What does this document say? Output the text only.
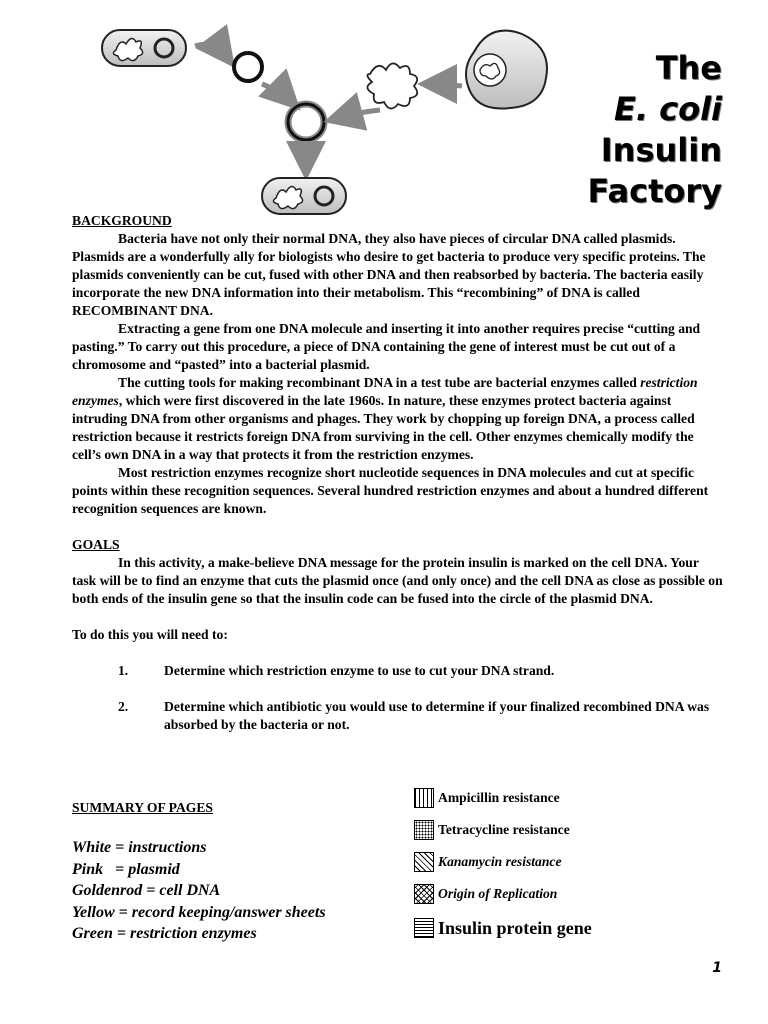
The
E. coli
Insulin
Factory
BACKGROUND

Bacteria have not only their normal DNA, they also have pieces of circular DNA called plasmids. Plasmids are a wonderfully ally for biologists who desire to get bacteria to produce very specific proteins. The plasmids conveniently can be cut, fused with other DNA and then reabsorbed by bacteria. The bacteria easily incorporate the new DNA information into their metabolism. This “recombining” of DNA is called RECOMBINANT DNA.

Extracting a gene from one DNA molecule and inserting it into another requires precise “cutting and pasting.” To carry out this procedure, a piece of DNA containing the gene of interest must be cut out of a chromosome and “pasted” into a bacterial plasmid.

The cutting tools for making recombinant DNA in a test tube are bacterial enzymes called restriction enzymes, which were first discovered in the late 1960s. In nature, these enzymes protect bacteria against intruding DNA from other organisms and phages. They work by chopping up foreign DNA, a process called restriction because it restricts foreign DNA from surviving in the cell. Other enzymes chemically modify the cell’s own DNA in a way that protects it from the restriction enzymes.

Most restriction enzymes recognize short nucleotide sequences in DNA molecules and cut at specific points within these recognition sequences. Several hundred restriction enzymes and about a hundred different recognition sequences are known.

GOALS

In this activity, a make-believe DNA message for the protein insulin is marked on the cell DNA. Your task will be to find an enzyme that cuts the plasmid once (and only once) and the cell DNA as close as possible on both ends of the insulin gene so that the insulin code can be fused into the circle of the plasmid DNA.

To do this you will need to:
1.	Determine which restriction enzyme to use to cut your DNA strand.
2.	Determine which antibiotic you would use to determine if your finalized recombined DNA was absorbed by the bacteria or not.
SUMMARY OF PAGES
White = instructions
Pink   = plasmid
Goldenrod = cell DNA
Yellow = record keeping/answer sheets
Green = restriction enzymes
Ampicillin resistance
Tetracycline resistance
Kanamycin resistance
Origin of Replication
Insulin protein gene
1
